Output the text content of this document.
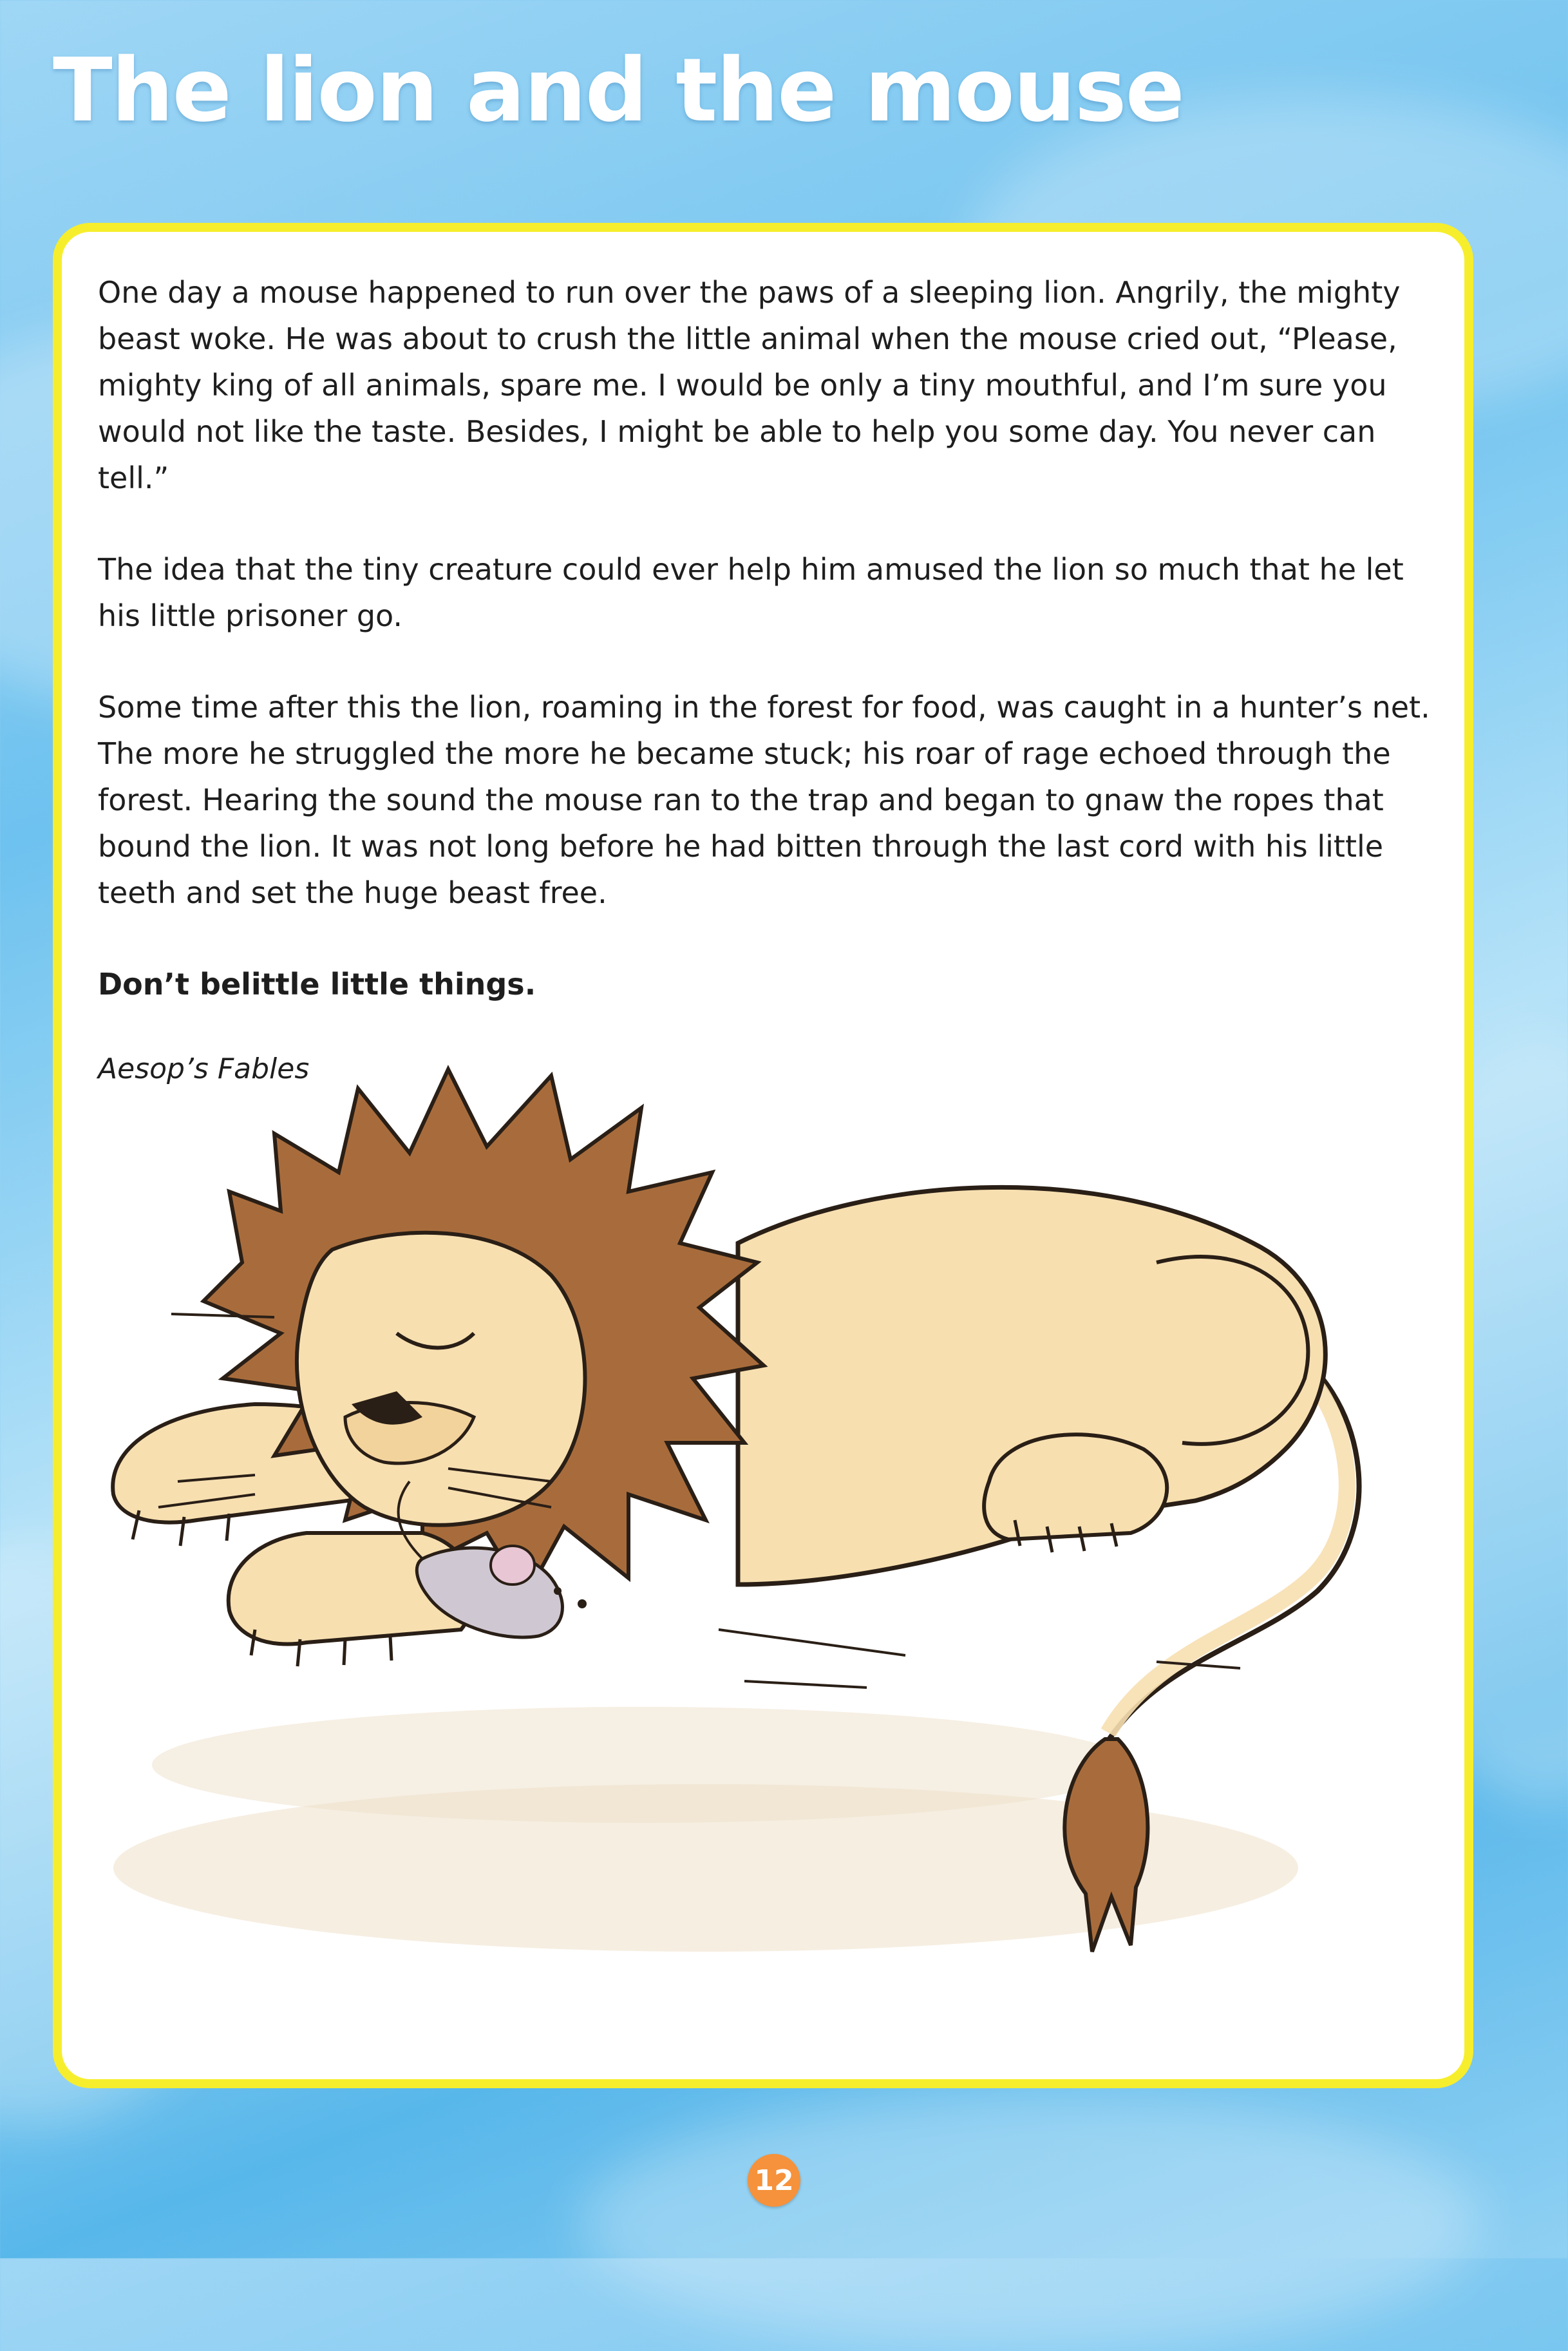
The lion and the mouse

One day a mouse happened to run over the paws of a sleeping lion. Angrily, the mighty beast woke. He was about to crush the little animal when the mouse cried out, “Please, mighty king of all animals, spare me. I would be only a tiny mouthful, and I’m sure you would not like the taste. Besides, I might be able to help you some day. You never can tell.”

The idea that the tiny creature could ever help him amused the lion so much that he let his little prisoner go.

Some time after this the lion, roaming in the forest for food, was caught in a hunter’s net. The more he struggled the more he became stuck; his roar of rage echoed through the forest. Hearing the sound the mouse ran to the trap and began to gnaw the ropes that bound the lion. It was not long before he had bitten through the last cord with his little teeth and set the huge beast free.

Don’t belittle little things.

Aesop’s Fables

12
